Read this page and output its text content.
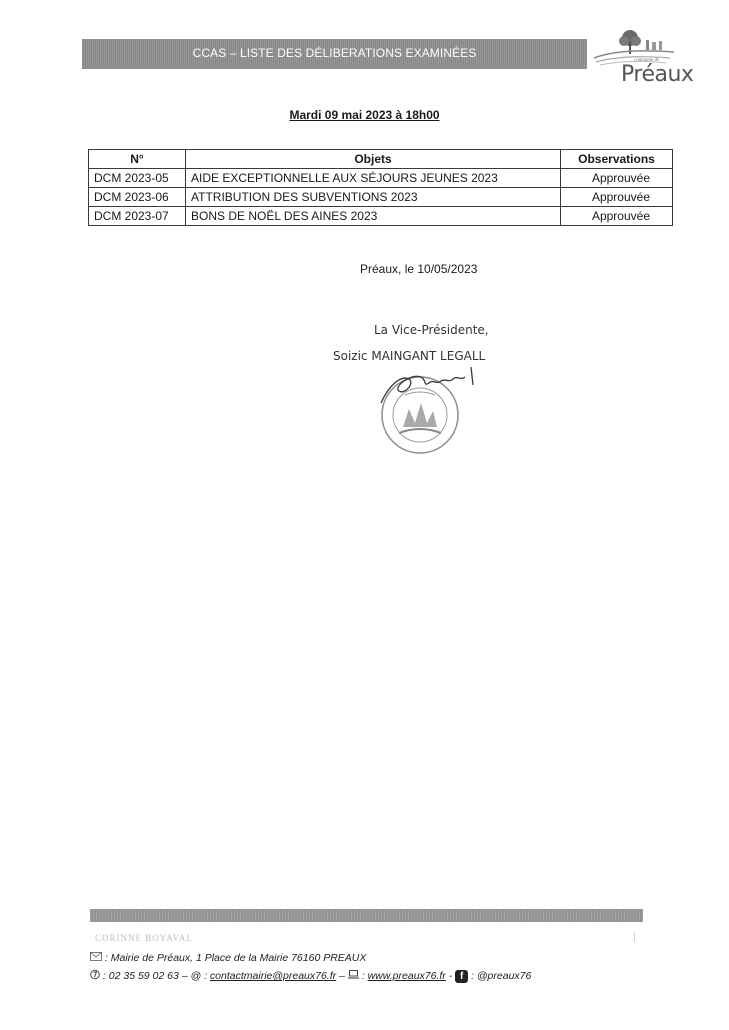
CCAS – LISTE DES DÉLIBERATIONS EXAMINÉES
commune de
Préaux
Mardi 09 mai 2023 à 18h00
N°	Objets	Observations
DCM 2023-05	AIDE EXCEPTIONNELLE AUX SÉJOURS JEUNES 2023	Approuvée
DCM 2023-06	ATTRIBUTION DES SUBVENTIONS 2023	Approuvée
DCM 2023-07	BONS DE NOËL DES AINES 2023	Approuvée
Préaux, le 10/05/2023
La Vice-Présidente,
Soizic MAINGANT LEGALL
CORINNE BOYAVAL
: Mairie de Préaux, 1 Place de la Mairie 76160 PREAUX
: 02 35 59 02 63 – @ : contactmairie@preaux76.fr –  : www.preaux76.fr - f : @preaux76
